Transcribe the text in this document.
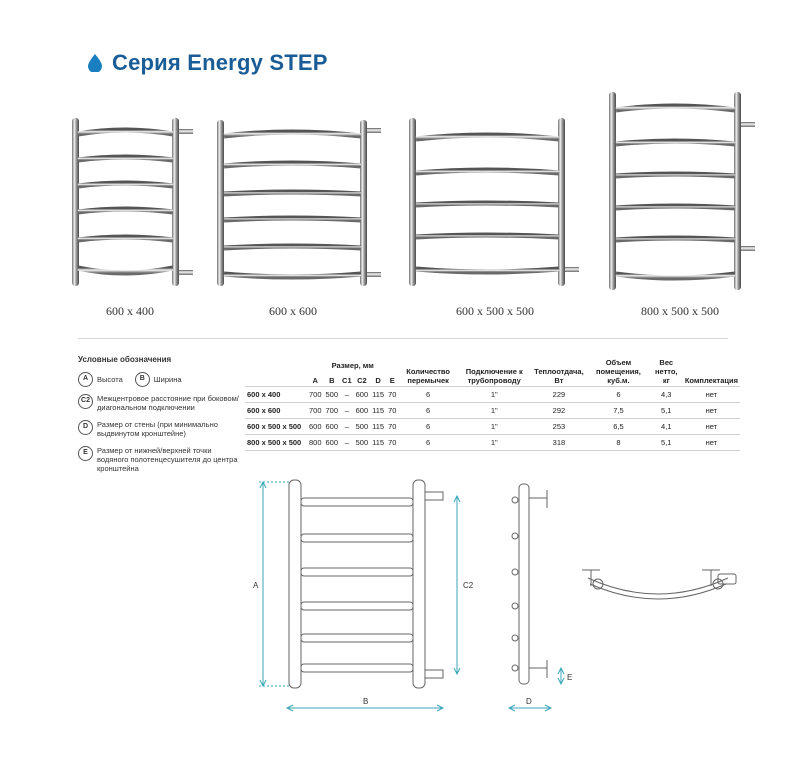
Серия Energy STEP
600 x 400	600 x 600	600 x 500 x 500	800 x 500 x 500
Условные обозначения
A	Высота	B	Ширина
C2 Межцентровое расстояние при боковом/диагональном подключении
D	Размер от стены (при минимально выдвинутом кронштейне)
E	Размер от нижней/верхней точки водяного полотенцесушителя до центра кронштейна
	Размер, мм						Количество перемычек	Подключение к трубопроводу	Теплоотдача, Вт	Объем помещения, куб.м.	Вес нетто, кг	Комплектация
	A	B	C1	C2	D	E						
600 x 400	700	500	–	600	115	70	6	1"	229	6	4,3	нет
600 x 600	700	700	–	600	115	70	6	1"	292	7,5	5,1	нет
600 x 500 x 500	600	600	–	500	115	70	6	1"	253	6,5	4,1	нет
800 x 500 x 500	800	600	–	500	115	70	6	1"	318	8	5,1	нет
A	C2
B	D
E
